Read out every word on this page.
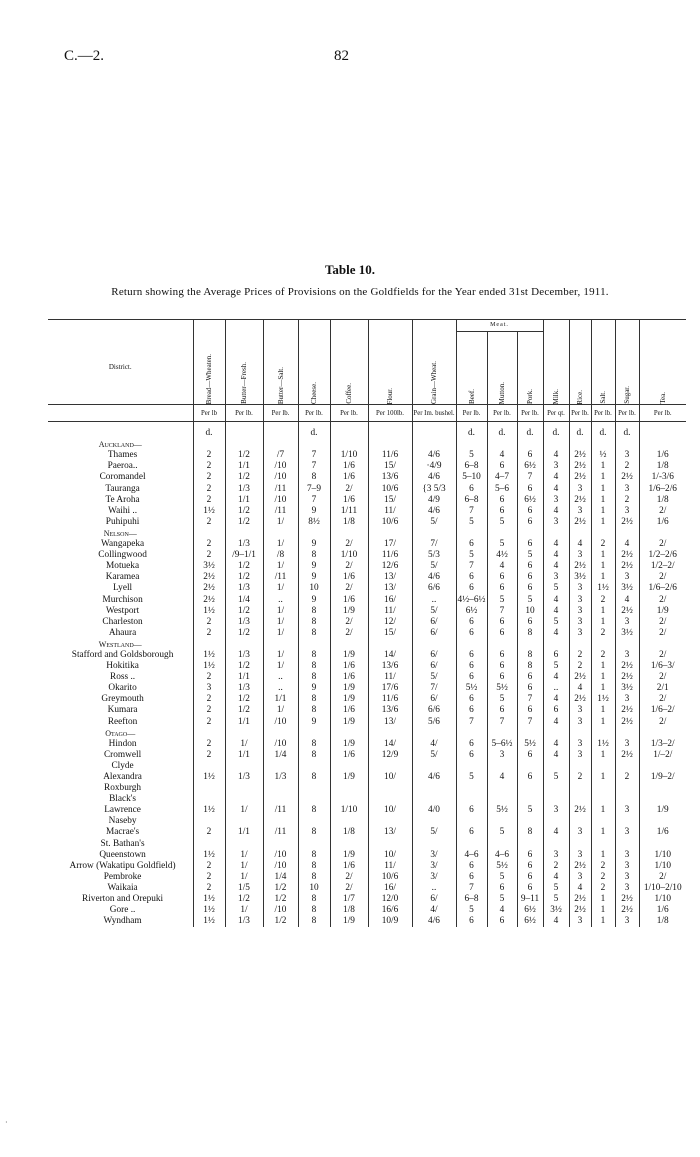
C.—2.	82
Table 10.
Return showing the Average Prices of Provisions on the Goldfields for the Year ended 31st December, 1911.
								Meat.							
District.	Bread—Wheaten.	Butter—Fresh.	Butter—Salt.	Cheese.	Coffee.	Flour.	Grain—Wheat.	Beef.	Mutton.	Pork.	Milk.	Rice.	Salt.	Sugar.	Tea.

	Per lb	Per lb.	Per lb.	Per lb.	Per lb.	Per 100lb.	Per Im. bushel.	Per lb.	Per lb.	Per lb.	Per qt.	Per lb.	Per lb.	Per lb.	Per lb.

	d.			d.				d.	d.	d.	d.	d.	d.	d.	
Auckland—															
Thames	2	1/2	/7	7	1/10	11/6	4/6	5	4	6	4	2½	½	3	1/6
Paeroa..	2	1/1	/10	7	1/6	15/	·4/9	6–8	6	6½	3	2½	1	2	1/8
Coromandel	2	1/2	/10	8	1/6	13/6	4/6	5–10	4–7	7	4	2½	1	2½	1/-3/6
Tauranga	2	1/3	/11	7–9	2/	10/6	{3 5/3	6	5–6	6	4	3	1	3	1/6–2/6
Te Aroha	2	1/1	/10	7	1/6	15/	4/9	6–8	6	6½	3	2½	1	2	1/8
Waihi ..	1½	1/2	/11	9	1/11	11/	4/6	7	6	6	4	3	1	3	2/
Puhipuhi	2	1/2	1/	8½	1/8	10/6	5/	5	5	6	3	2½	1	2½	1/6
Nelson—															
Wangapeka	2	1/3	1/	9	2/	17/	7/	6	5	6	4	4	2	4	2/
Collingwood	2	/9–1/1	/8	8	1/10	11/6	5/3	5	4½	5	4	3	1	2½	1/2–2/6
Motueka	3½	1/2	1/	9	2/	12/6	5/	7	4	6	4	2½	1	2½	1/2–2/
Karamea	2½	1/2	/11	9	1/6	13/	4/6	6	6	6	3	3½	1	3	2/
Lyell	2½	1/3	1/	10	2/	13/	6/6	6	6	6	5	3	1½	3½	1/6–2/6
Murchison	2½	1/4	..	9	1/6	16/	..	4½–6½	5	5	4	3	2	4	2/
Westport	1½	1/2	1/	8	1/9	11/	5/	6½	7	10	4	3	1	2½	1/9
Charleston	2	1/3	1/	8	2/	12/	6/	6	6	6	5	3	1	3	2/
Ahaura	2	1/2	1/	8	2/	15/	6/	6	6	8	4	3	2	3½	2/
Westland—															
Stafford and Goldsborough	1½	1/3	1/	8	1/9	14/	6/	6	6	8	6	2	2	3	2/
Hokitika	1½	1/2	1/	8	1/6	13/6	6/	6	6	8	5	2	1	2½	1/6–3/
Ross ..	2	1/1	..	8	1/6	11/	5/	6	6	6	4	2½	1	2½	2/
Okarito	3	1/3	..	9	1/9	17/6	7/	5½	5½	6	..	4	1	3½	2/1
Greymouth	2	1/2	1/1	8	1/9	11/6	6/	6	5	7	4	2½	1½	3	2/
Kumara	2	1/2	1/	8	1/6	13/6	6/6	6	6	6	6	3	1	2½	1/6–2/
Reefton	2	1/1	/10	9	1/9	13/	5/6	7	7	7	4	3	1	2½	2/
Otago—															
Hindon	2	1/	/10	8	1/9	14/	4/	6	5–6½	5½	4	3	1½	3	1/3–2/
Cromwell	2	1/1	1/4	8	1/6	12/9	5/	6	3	6	4	3	1	2½	1/–2/
Clyde															
Alexandra	1½	1/3	1/3	8	1/9	10/	4/6	5	4	6	5	2	1	2	1/9–2/
Roxburgh															
Black's															
Lawrence	1½	1/	/11	8	1/10	10/	4/0	6	5½	5	3	2½	1	3	1/9
Naseby															
Macrae's	2	1/1	/11	8	1/8	13/	5/	6	5	8	4	3	1	3	1/6
St. Bathan's															
Queenstown	1½	1/	/10	8	1/9	10/	3/	4–6	4–6	6	3	3	1	3	1/10
Arrow (Wakatipu Goldfield)	2	1/	/10	8	1/6	11/	3/	6	5½	6	2	2½	2	3	1/10
Pembroke	2	1/	1/4	8	2/	10/6	3/	6	5	6	4	3	2	3	2/
Waikaia	2	1/5	1/2	10	2/	16/	..	7	6	6	5	4	2	3	1/10–2/10
Riverton and Orepuki	1½	1/2	1/2	8	1/7	12/0	6/	6–8	5	9–11	5	2½	1	2½	1/10
Gore ..	1½	1/	/10	8	1/8	16/6	4/	5	4	6½	3½	2½	1	2½	1/6
Wyndham	1½	1/3	1/2	8	1/9	10/9	4/6	6	6	6½	4	3	1	3	1/8
·
